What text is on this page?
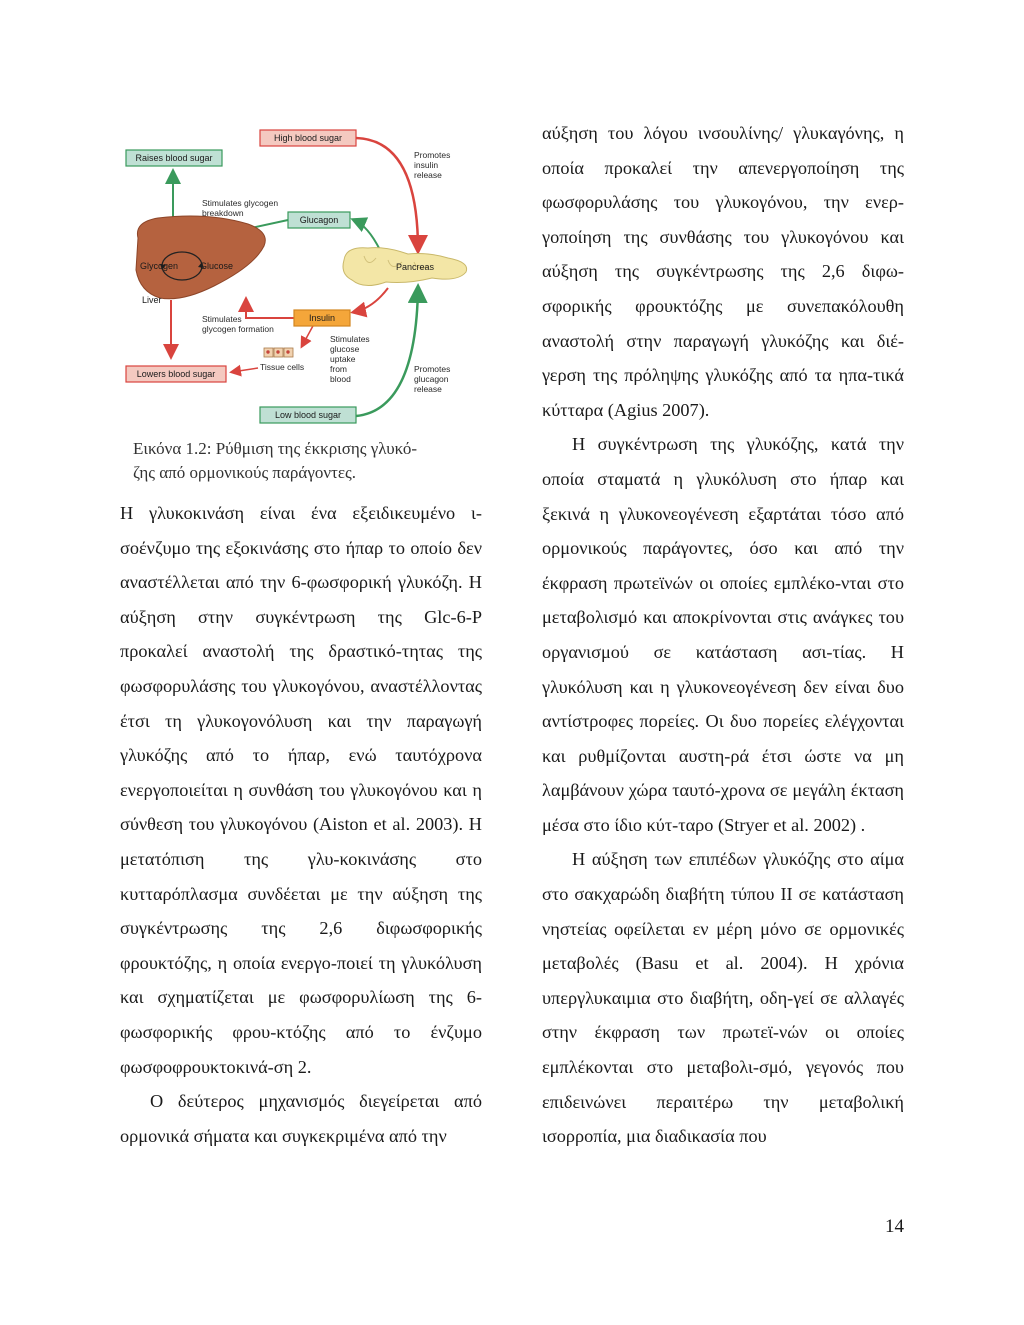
Raises blood sugar
High blood sugar
Glucagon
Insulin
Lowers blood sugar
Low blood sugar
Promotes
insulin
release
Stimulates glycogen
breakdown
Glycogen Glucose
Liver
Pancreas
Stimulates
glycogen formation
Stimulates
glucose
uptake
from
blood
Tissue cells	Promotes
glucagon
release
Εικόνα 1.2: Ρύθμιση της έκκρισης γλυκό-
ζης από ορμονικούς παράγοντες.

Η γλυκοκινάση είναι ένα εξειδικευμένο ι-σοένζυμο της εξοκινάσης στο ήπαρ το οποίο δεν αναστέλλεται από την 6-φωσφορική γλυκόζη. Η αύξηση στην συγκέντρωση της Glc-6-P προκαλεί αναστολή της δραστικό-τητας της φωσφορυλάσης του γλυκογόνου, αναστέλλοντας έτσι τη γλυκογονόλυση και την παραγωγή γλυκόζης από το ήπαρ, ενώ ταυτόχρονα ενεργοποιείται η συνθάση του γλυκογόνου και η σύνθεση του γλυκογόνου (Aiston et al. 2003). Η μετατόπιση της γλυ-κοκινάσης στο κυτταρόπλασμα συνδέεται με την αύξηση της συγκέντρωσης της 2,6 διφωσφορικής φρουκτόζης, η οποία ενεργο-ποιεί τη γλυκόλυση και σχηματίζεται με φωσφορυλίωση της 6-φωσφορικής φρου-κτόζης από το ένζυμο φωσφοφρουκτοκινά-ση 2.

Ο δεύτερος μηχανισμός διεγείρεται από ορμονικά σήματα και συγκεκριμένα από την

αύξηση του λόγου ινσουλίνης/ γλυκαγόνης, η οποία προκαλεί την απενεργοποίηση της φωσφορυλάσης του γλυκογόνου, την ενερ-γοποίηση της συνθάσης του γλυκογόνου και αύξηση της συγκέντρωσης της 2,6 διφω-σφορικής φρουκτόζης με συνεπακόλουθη αναστολή στην παραγωγή γλυκόζης και διέ-γερση της πρόληψης γλυκόζης από τα ηπα-τικά κύτταρα (Agius 2007).

Η συγκέντρωση της γλυκόζης, κατά την οποία σταματά η γλυκόλυση στο ήπαρ και ξεκινά η γλυκονεογένεση εξαρτάται τόσο από ορμονικούς παράγοντες, όσο και από την έκφραση πρωτεϊνών οι οποίες εμπλέκο-νται στο μεταβολισμό και αποκρίνονται στις ανάγκες του οργανισμού σε κατάσταση ασι-τίας. Η γλυκόλυση και η γλυκονεογένεση δεν είναι δυο αντίστροφες πορείες. Οι δυο πορείες ελέγχονται και ρυθμίζονται αυστη-ρά έτσι ώστε να μη λαμβάνουν χώρα ταυτό-χρονα σε μεγάλη έκταση μέσα στο ίδιο κύτ-ταρο (Stryer et al. 2002) .

Η αύξηση των επιπέδων γλυκόζης στο αίμα στο σακχαρώδη διαβήτη τύπου ΙΙ σε κατάσταση νηστείας οφείλεται εν μέρη μόνο σε ορμονικές μεταβολές (Basu et al. 2004). Η χρόνια υπεργλυκαιμια στο διαβήτη, οδη-γεί σε αλλαγές στην έκφραση των πρωτεϊ-νών οι οποίες εμπλέκονται στο μεταβολι-σμό, γεγονός που επιδεινώνει περαιτέρω την μεταβολική ισορροπία, μια διαδικασία που

14
